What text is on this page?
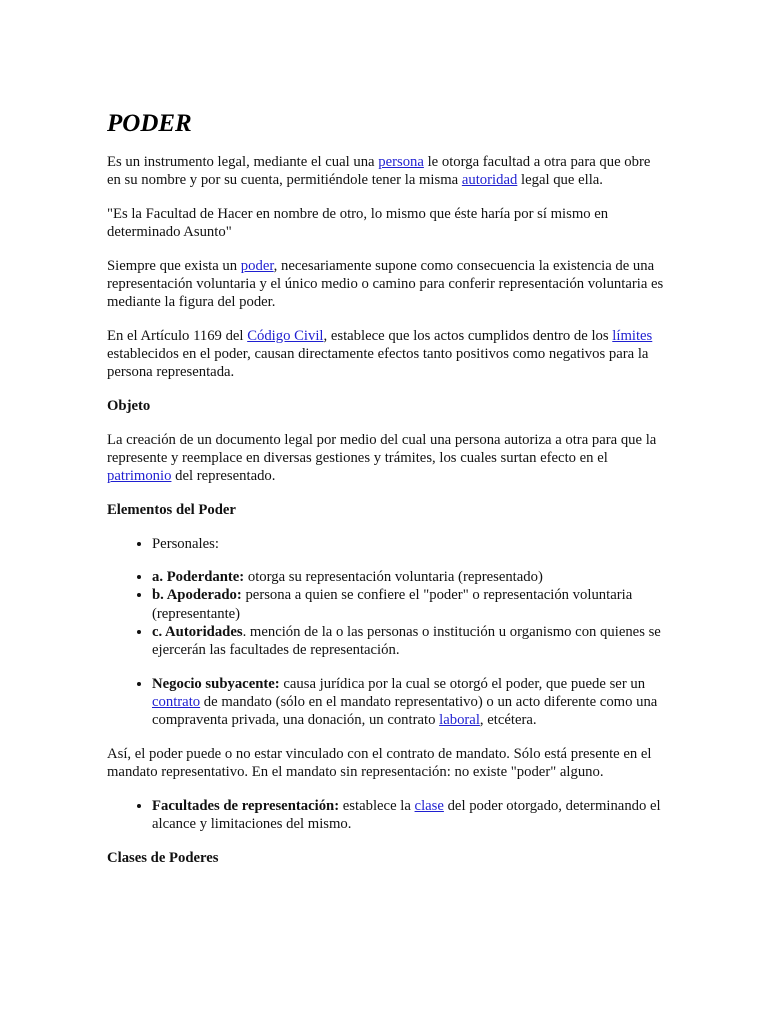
PODER

Es un instrumento legal, mediante el cual una persona le otorga facultad a otra para que obre en su nombre y por su cuenta, permitiéndole tener la misma autoridad legal que ella.

"Es la Facultad de Hacer en nombre de otro, lo mismo que éste haría por sí mismo en determinado Asunto"

Siempre que exista un poder, necesariamente supone como consecuencia la existencia de una representación voluntaria y el único medio o camino para conferir representación voluntaria es mediante la figura del poder.

En el Artículo 1169 del Código Civil, establece que los actos cumplidos dentro de los límites establecidos en el poder, causan directamente efectos tanto positivos como negativos para la persona representada.

Objeto

La creación de un documento legal por medio del cual una persona autoriza a otra para que la represente y reemplace en diversas gestiones y trámites, los cuales surtan efecto en el patrimonio del representado.

Elementos del Poder
• Personales:
• a. Poderdante: otorga su representación voluntaria (representado)
• b. Apoderado: persona a quien se confiere el "poder" o representación voluntaria (representante)
• c. Autoridades. mención de la o las personas o institución u organismo con quienes se ejercerán las facultades de representación.
• Negocio subyacente: causa jurídica por la cual se otorgó el poder, que puede ser un contrato de mandato (sólo en el mandato representativo) o un acto diferente como una compraventa privada, una donación, un contrato laboral, etcétera.

Así, el poder puede o no estar vinculado con el contrato de mandato. Sólo está presente en el mandato representativo. En el mandato sin representación: no existe "poder" alguno.

• Facultades de representación: establece la clase del poder otorgado, determinando el alcance y limitaciones del mismo.
Clases de Poderes
